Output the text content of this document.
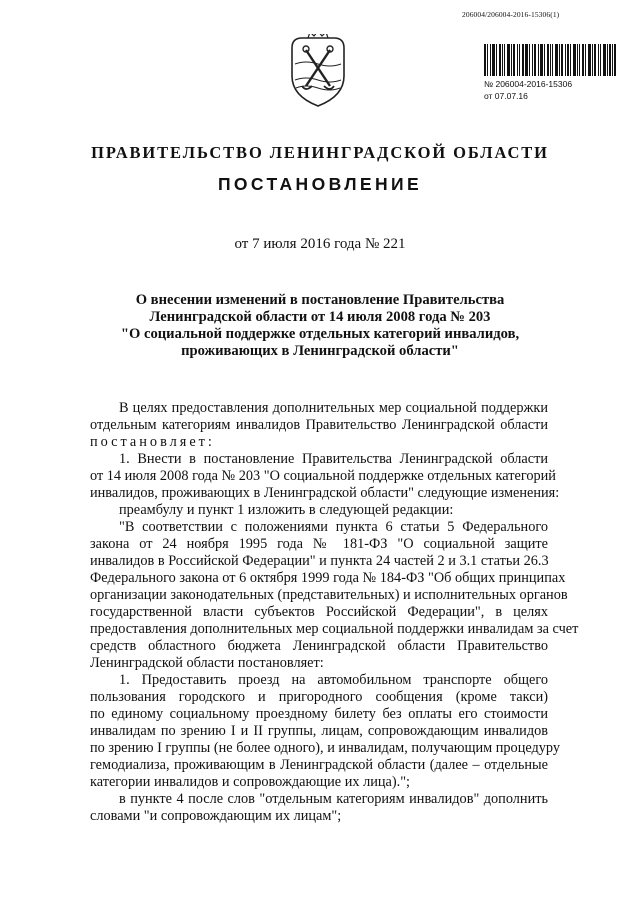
206004/206004-2016-15306(1)
№ 206004-2016-15306
от 07.07.16
ПРАВИТЕЛЬСТВО ЛЕНИНГРАДСКОЙ ОБЛАСТИ
ПОСТАНОВЛЕНИЕ
от 7 июля 2016 года № 221
О внесении изменений в постановление Правительства
Ленинградской области от 14 июля 2008 года № 203
"О социальной поддержке отдельных категорий инвалидов,
проживающих в Ленинградской области"
В целях предоставления дополнительных мер социальной поддержки
отдельным категориям инвалидов Правительство Ленинградской области
постановляет:
1. Внести в постановление Правительства Ленинградской области
от 14 июля 2008 года № 203 "О социальной поддержке отдельных категорий
инвалидов, проживающих в Ленинградской области" следующие изменения:
преамбулу и пункт 1 изложить в следующей редакции:
"В соответствии с положениями пункта 6 статьи 5 Федерального
закона от 24 ноября 1995 года № 181-ФЗ "О социальной защите
инвалидов в Российской Федерации" и пункта 24 частей 2 и 3.1 статьи 26.3
Федерального закона от 6 октября 1999 года № 184-ФЗ "Об общих принципах
организации законодательных (представительных) и исполнительных органов
государственной власти субъектов Российской Федерации", в целях
предоставления дополнительных мер социальной поддержки инвалидам за счет
средств областного бюджета Ленинградской области Правительство
Ленинградской области постановляет:
1. Предоставить проезд на автомобильном транспорте общего
пользования городского и пригородного сообщения (кроме такси)
по единому социальному проездному билету без оплаты его стоимости
инвалидам по зрению I и II группы, лицам, сопровождающим инвалидов
по зрению I группы (не более одного), и инвалидам, получающим процедуру
гемодиализа, проживающим в Ленинградской области (далее – отдельные
категории инвалидов и сопровождающие их лица).";
в пункте 4 после слов "отдельным категориям инвалидов" дополнить
словами "и сопровождающим их лицам";
